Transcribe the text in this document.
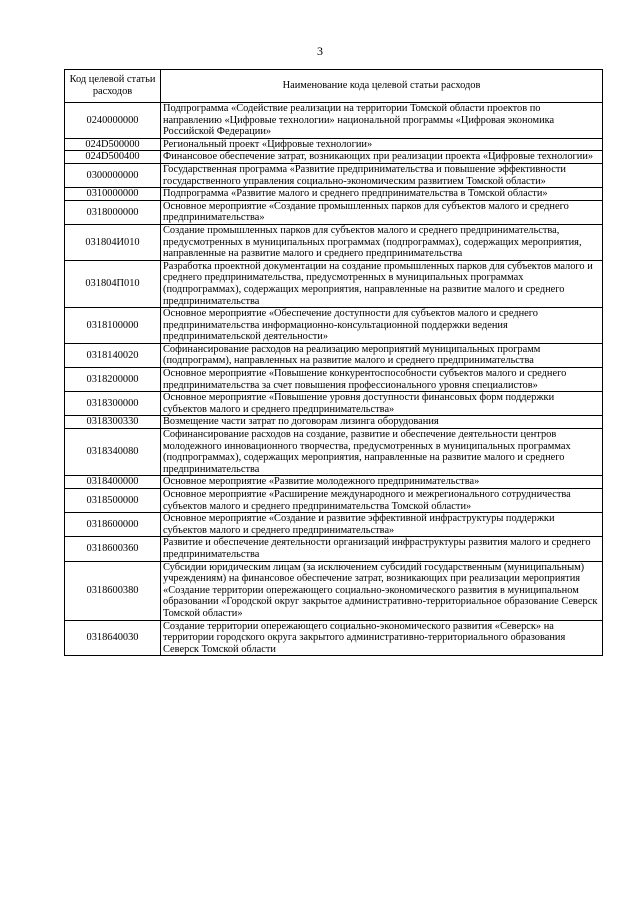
3
Код целевой статьи расходов	Наименование кода целевой статьи расходов
0240000000	Подпрограмма «Содействие реализации на территории Томской области проектов по направлению «Цифровые технологии» национальной программы «Цифровая экономика Российской Федерации»
024D500000	Региональный проект «Цифровые технологии»
024D500400	Финансовое обеспечение затрат, возникающих при реализации проекта «Цифровые технологии»
0300000000	Государственная программа «Развитие предпринимательства и повышение эффективности государственного управления социально-экономическим развитием Томской области»
0310000000	Подпрограмма «Развитие малого и среднего предпринимательства в Томской области»
0318000000	Основное мероприятие «Создание промышленных парков для субъектов малого и среднего предпринимательства»
031804И010	Создание промышленных парков для субъектов малого и среднего предпринимательства, предусмотренных в муниципальных программах (подпрограммах), содержащих мероприятия, направленные на развитие малого и среднего предпринимательства
031804П010	Разработка проектной документации на создание промышленных парков для субъектов малого и среднего предпринимательства, предусмотренных в муниципальных программах (подпрограммах), содержащих мероприятия, направленные на развитие малого и среднего предпринимательства
0318100000	Основное мероприятие «Обеспечение доступности для субъектов малого и среднего предпринимательства информационно-консультационной поддержки ведения предпринимательской деятельности»
0318140020	Софинансирование расходов на реализацию мероприятий муниципальных программ (подпрограмм), направленных на развитие малого и среднего предпринимательства
0318200000	Основное мероприятие «Повышение конкурентоспособности субъектов малого и среднего предпринимательства за счет повышения профессионального уровня специалистов»
0318300000	Основное мероприятие «Повышение уровня доступности финансовых форм поддержки субъектов малого и среднего предпринимательства»
0318300330	Возмещение части затрат по договорам лизинга оборудования
0318340080	Софинансирование расходов на создание, развитие и обеспечение деятельности центров молодежного инновационного творчества, предусмотренных в муниципальных программах (подпрограммах), содержащих мероприятия, направленные на развитие малого и среднего предпринимательства
0318400000	Основное мероприятие «Развитие молодежного предпринимательства»
0318500000	Основное мероприятие «Расширение международного и межрегионального сотрудничества субъектов малого и среднего предпринимательства Томской области»
0318600000	Основное мероприятие «Создание и развитие эффективной инфраструктуры поддержки субъектов малого и среднего предпринимательства»
0318600360	Развитие и обеспечение деятельности организаций инфраструктуры развития малого и среднего предпринимательства
0318600380	Субсидии юридическим лицам (за исключением субсидий государственным (муниципальным) учреждениям) на финансовое обеспечение затрат, возникающих при реализации мероприятия «Создание территории опережающего социально-экономического развития в муниципальном образовании «Городской округ закрытое административно-территориальное образование Северск Томской области»
0318640030	Создание территории опережающего социально-экономического развития «Северск» на территории городского округа закрытого административно-территориального образования Северск Томской области
